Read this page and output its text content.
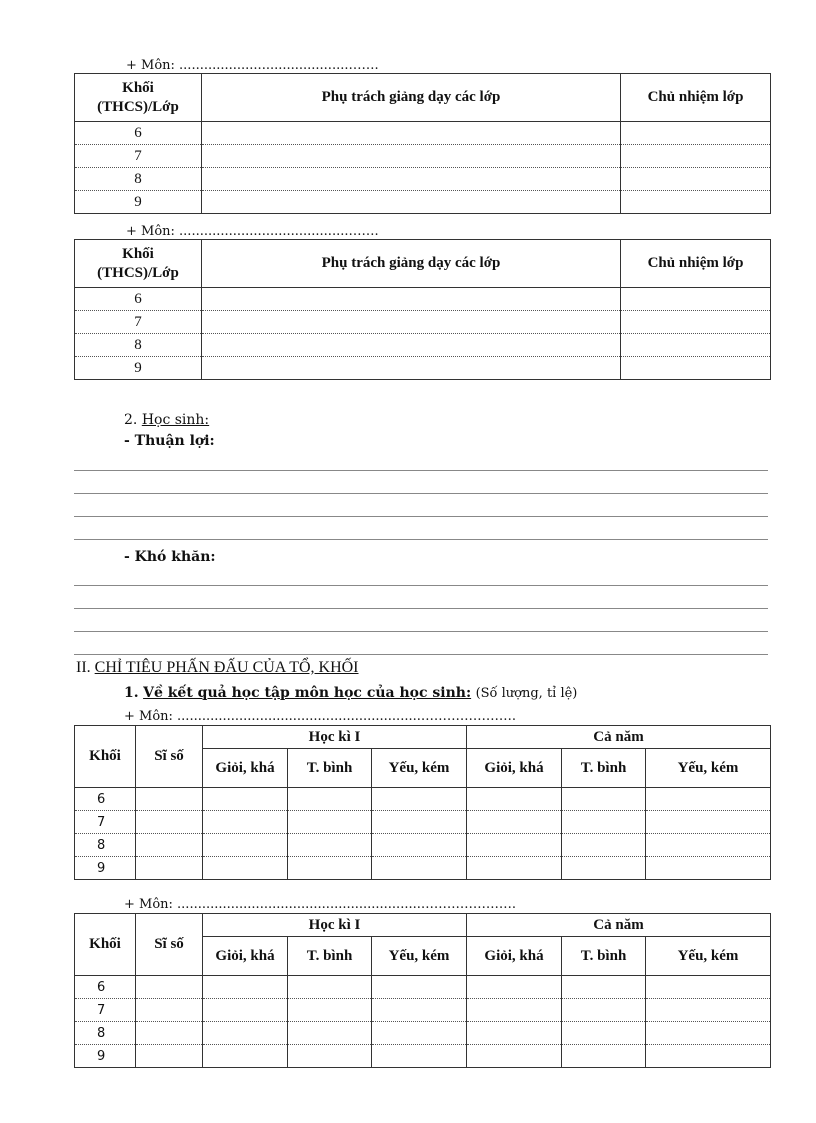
+ Môn: .........................................…….
Khối
(THCS)/Lớp	Phụ trách giảng dạy các lớp	Chủ nhiệm lớp
6		
7		
8		
9		
+ Môn: .........................................…….
Khối
(THCS)/Lớp	Phụ trách giảng dạy các lớp	Chủ nhiệm lớp
6		
7		
8		
9		
2. Học sinh:
- Thuận lợi:
- Khó khăn:
II. CHỈ TIÊU PHẤN ĐẤU CỦA TỔ, KHỐI
1. Về kết quả học tập môn học của học sinh: (Số lượng, tỉ lệ)
+ Môn: ...........................................................………………….
Khối	Sĩ số	Học kì I			Cả năm		
		Giỏi, khá	T. bình	Yếu, kém	Giỏi, khá	T. bình	Yếu, kém
6							
7							
8							
9							
+ Môn: ...........................................................………………….
Khối	Sĩ số	Học kì I			Cả năm		
		Giỏi, khá	T. bình	Yếu, kém	Giỏi, khá	T. bình	Yếu, kém
6							
7							
8							
9							
